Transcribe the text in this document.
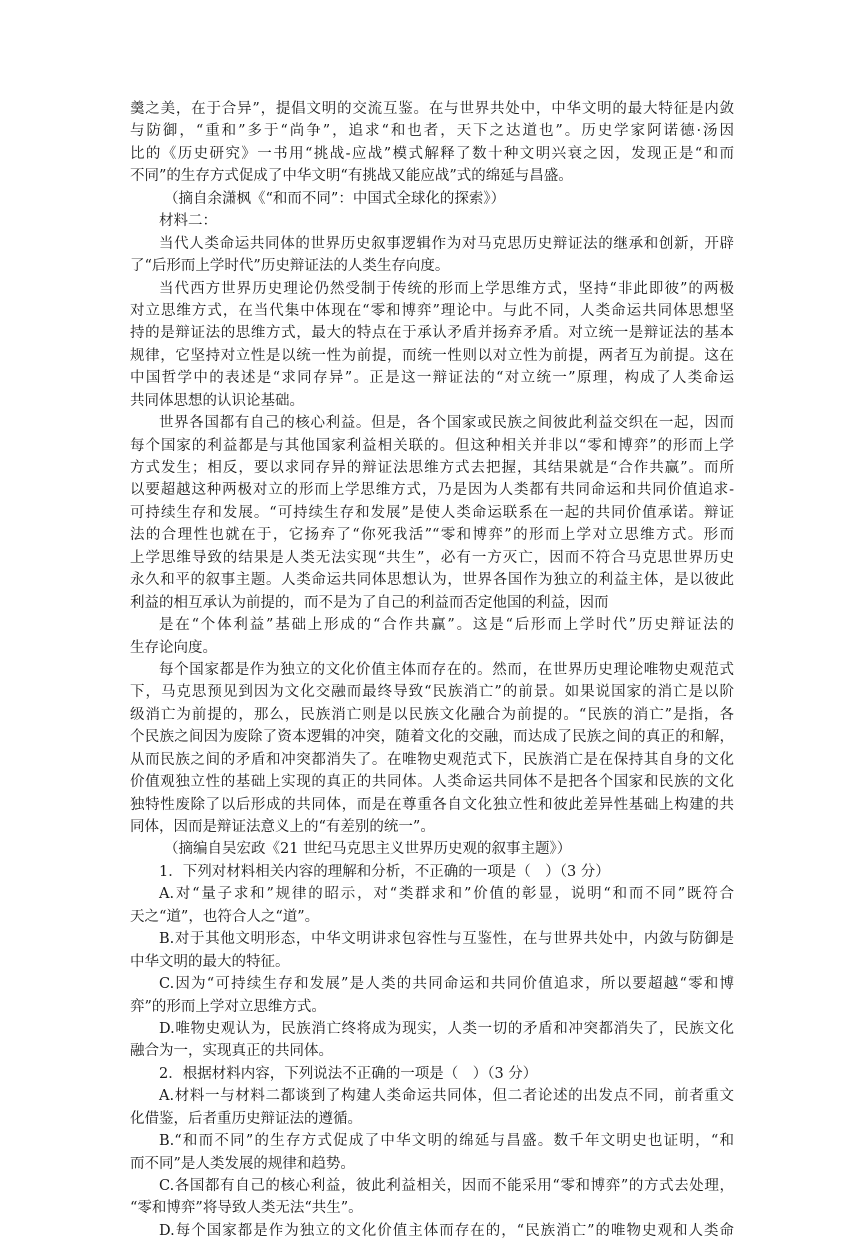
羹之美，在于合异”，提倡文明的交流互鉴。在与世界共处中，中华文明的最大特征是内敛
与防御，“重和”多于“尚争”，追求“和也者，天下之达道也”。历史学家阿诺德·汤因
比的《历史研究》一书用“挑战-应战”模式解释了数十种文明兴衰之因，发现正是“和而
不同”的生存方式促成了中华文明“有挑战又能应战”式的绵延与昌盛。
（摘自余潇枫《“和而不同”：中国式全球化的探索》）
材料二：
当代人类命运共同体的世界历史叙事逻辑作为对马克思历史辩证法的继承和创新，开辟
了“后形而上学时代”历史辩证法的人类生存向度。
当代西方世界历史理论仍然受制于传统的形而上学思维方式，坚持“非此即彼”的两极
对立思维方式，在当代集中体现在“零和博弈”理论中。与此不同，人类命运共同体思想坚
持的是辩证法的思维方式，最大的特点在于承认矛盾并扬弃矛盾。对立统一是辩证法的基本
规律，它坚持对立性是以统一性为前提，而统一性则以对立性为前提，两者互为前提。这在
中国哲学中的表述是“求同存异”。正是这一辩证法的“对立统一”原理，构成了人类命运
共同体思想的认识论基础。
世界各国都有自己的核心利益。但是，各个国家或民族之间彼此利益交织在一起，因而
每个国家的利益都是与其他国家利益相关联的。但这种相关并非以“零和博弈”的形而上学
方式发生；相反，要以求同存异的辩证法思维方式去把握，其结果就是“合作共赢”。而所
以要超越这种两极对立的形而上学思维方式，乃是因为人类都有共同命运和共同价值追求-
可持续生存和发展。“可持续生存和发展”是使人类命运联系在一起的共同价值承诺。辩证
法的合理性也就在于，它扬弃了“你死我活”“零和博弈”的形而上学对立思维方式。形而
上学思维导致的结果是人类无法实现“共生”，必有一方灭亡，因而不符合马克思世界历史
永久和平的叙事主题。人类命运共同体思想认为，世界各国作为独立的利益主体，是以彼此
利益的相互承认为前提的，而不是为了自己的利益而否定他国的利益，因而
是在“个体利益”基础上形成的“合作共赢”。这是“后形而上学时代”历史辩证法的
生存论向度。
每个国家都是作为独立的文化价值主体而存在的。然而，在世界历史理论唯物史观范式
下，马克思预见到因为文化交融而最终导致“民族消亡”的前景。如果说国家的消亡是以阶
级消亡为前提的，那么，民族消亡则是以民族文化融合为前提的。“民族的消亡”是指，各
个民族之间因为废除了资本逻辑的冲突，随着文化的交融，而达成了民族之间的真正的和解，
从而民族之间的矛盾和冲突都消失了。在唯物史观范式下，民族消亡是在保持其自身的文化
价值观独立性的基础上实现的真正的共同体。人类命运共同体不是把各个国家和民族的文化
独特性废除了以后形成的共同体，而是在尊重各自文化独立性和彼此差异性基础上构建的共
同体，因而是辩证法意义上的“有差别的统一”。
（摘编自吴宏政《21 世纪马克思主义世界历史观的叙事主题》）
1．下列对材料相关内容的理解和分析，不正确的一项是（　）（3 分）
A.对“量子求和”规律的昭示，对“类群求和”价值的彰显，说明“和而不同”既符合
天之“道”，也符合人之“道”。
B.对于其他文明形态，中华文明讲求包容性与互鉴性，在与世界共处中，内敛与防御是
中华文明的最大的特征。
C.因为“可持续生存和发展”是人类的共同命运和共同价值追求，所以要超越“零和博
弈”的形而上学对立思维方式。
D.唯物史观认为，民族消亡终将成为现实，人类一切的矛盾和冲突都消失了，民族文化
融合为一，实现真正的共同体。
2．根据材料内容，下列说法不正确的一项是（　）（3 分）
A.材料一与材料二都谈到了构建人类命运共同体，但二者论述的出发点不同，前者重文
化借鉴，后者重历史辩证法的遵循。
B.“和而不同”的生存方式促成了中华文明的绵延与昌盛。数千年文明史也证明，“和
而不同”是人类发展的规律和趋势。
C.各国都有自己的核心利益，彼此利益相关，因而不能采用“零和博弈”的方式去处理，
“零和博弈”将导致人类无法“共生”。
D.每个国家都是作为独立的文化价值主体而存在的，“民族消亡”的唯物史观和人类命
